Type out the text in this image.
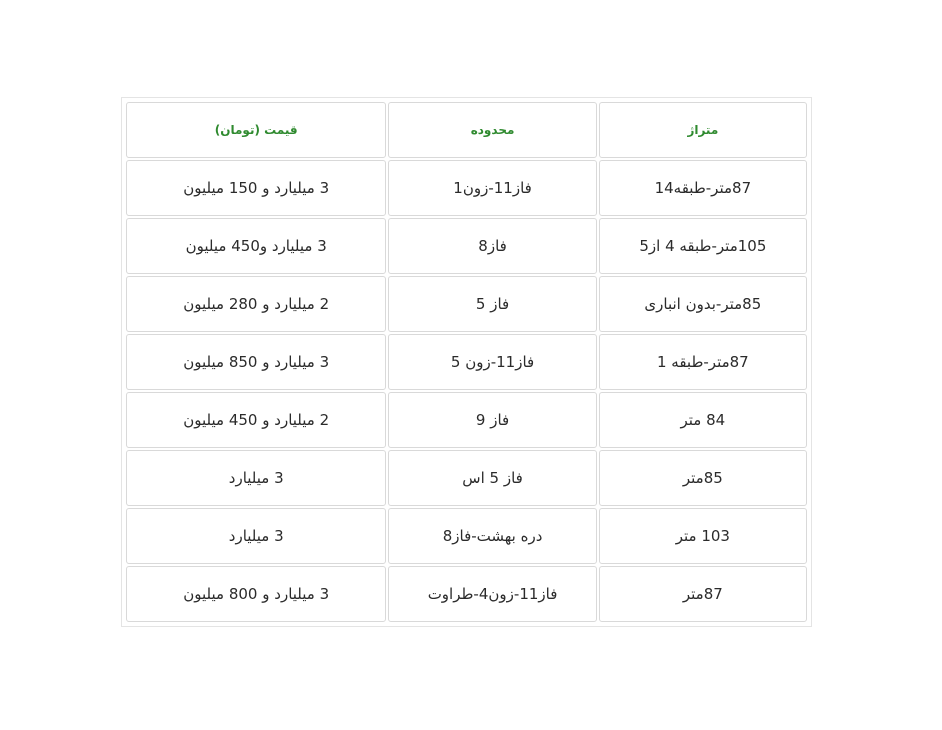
متراژ	محدوده	قیمت (تومان)
87متر-طبقه14	فاز11-زون1	3 میلیارد و 150 میلیون
105متر-طبقه 4 از5	فاز8	3 میلیارد و450 میلیون
85متر-بدون انباری	فاز 5	2 میلیارد و 280 میلیون
87متر-طبقه 1	فاز11-زون 5	3 میلیارد و 850 میلیون
84 متر	فاز 9	2 میلیارد و 450 میلیون
85متر	فاز 5 اس	3 میلیارد
103 متر	دره بهشت-فاز8	3 میلیارد
87متر	فاز11-زون4-طراوت	3 میلیارد و 800 میلیون
